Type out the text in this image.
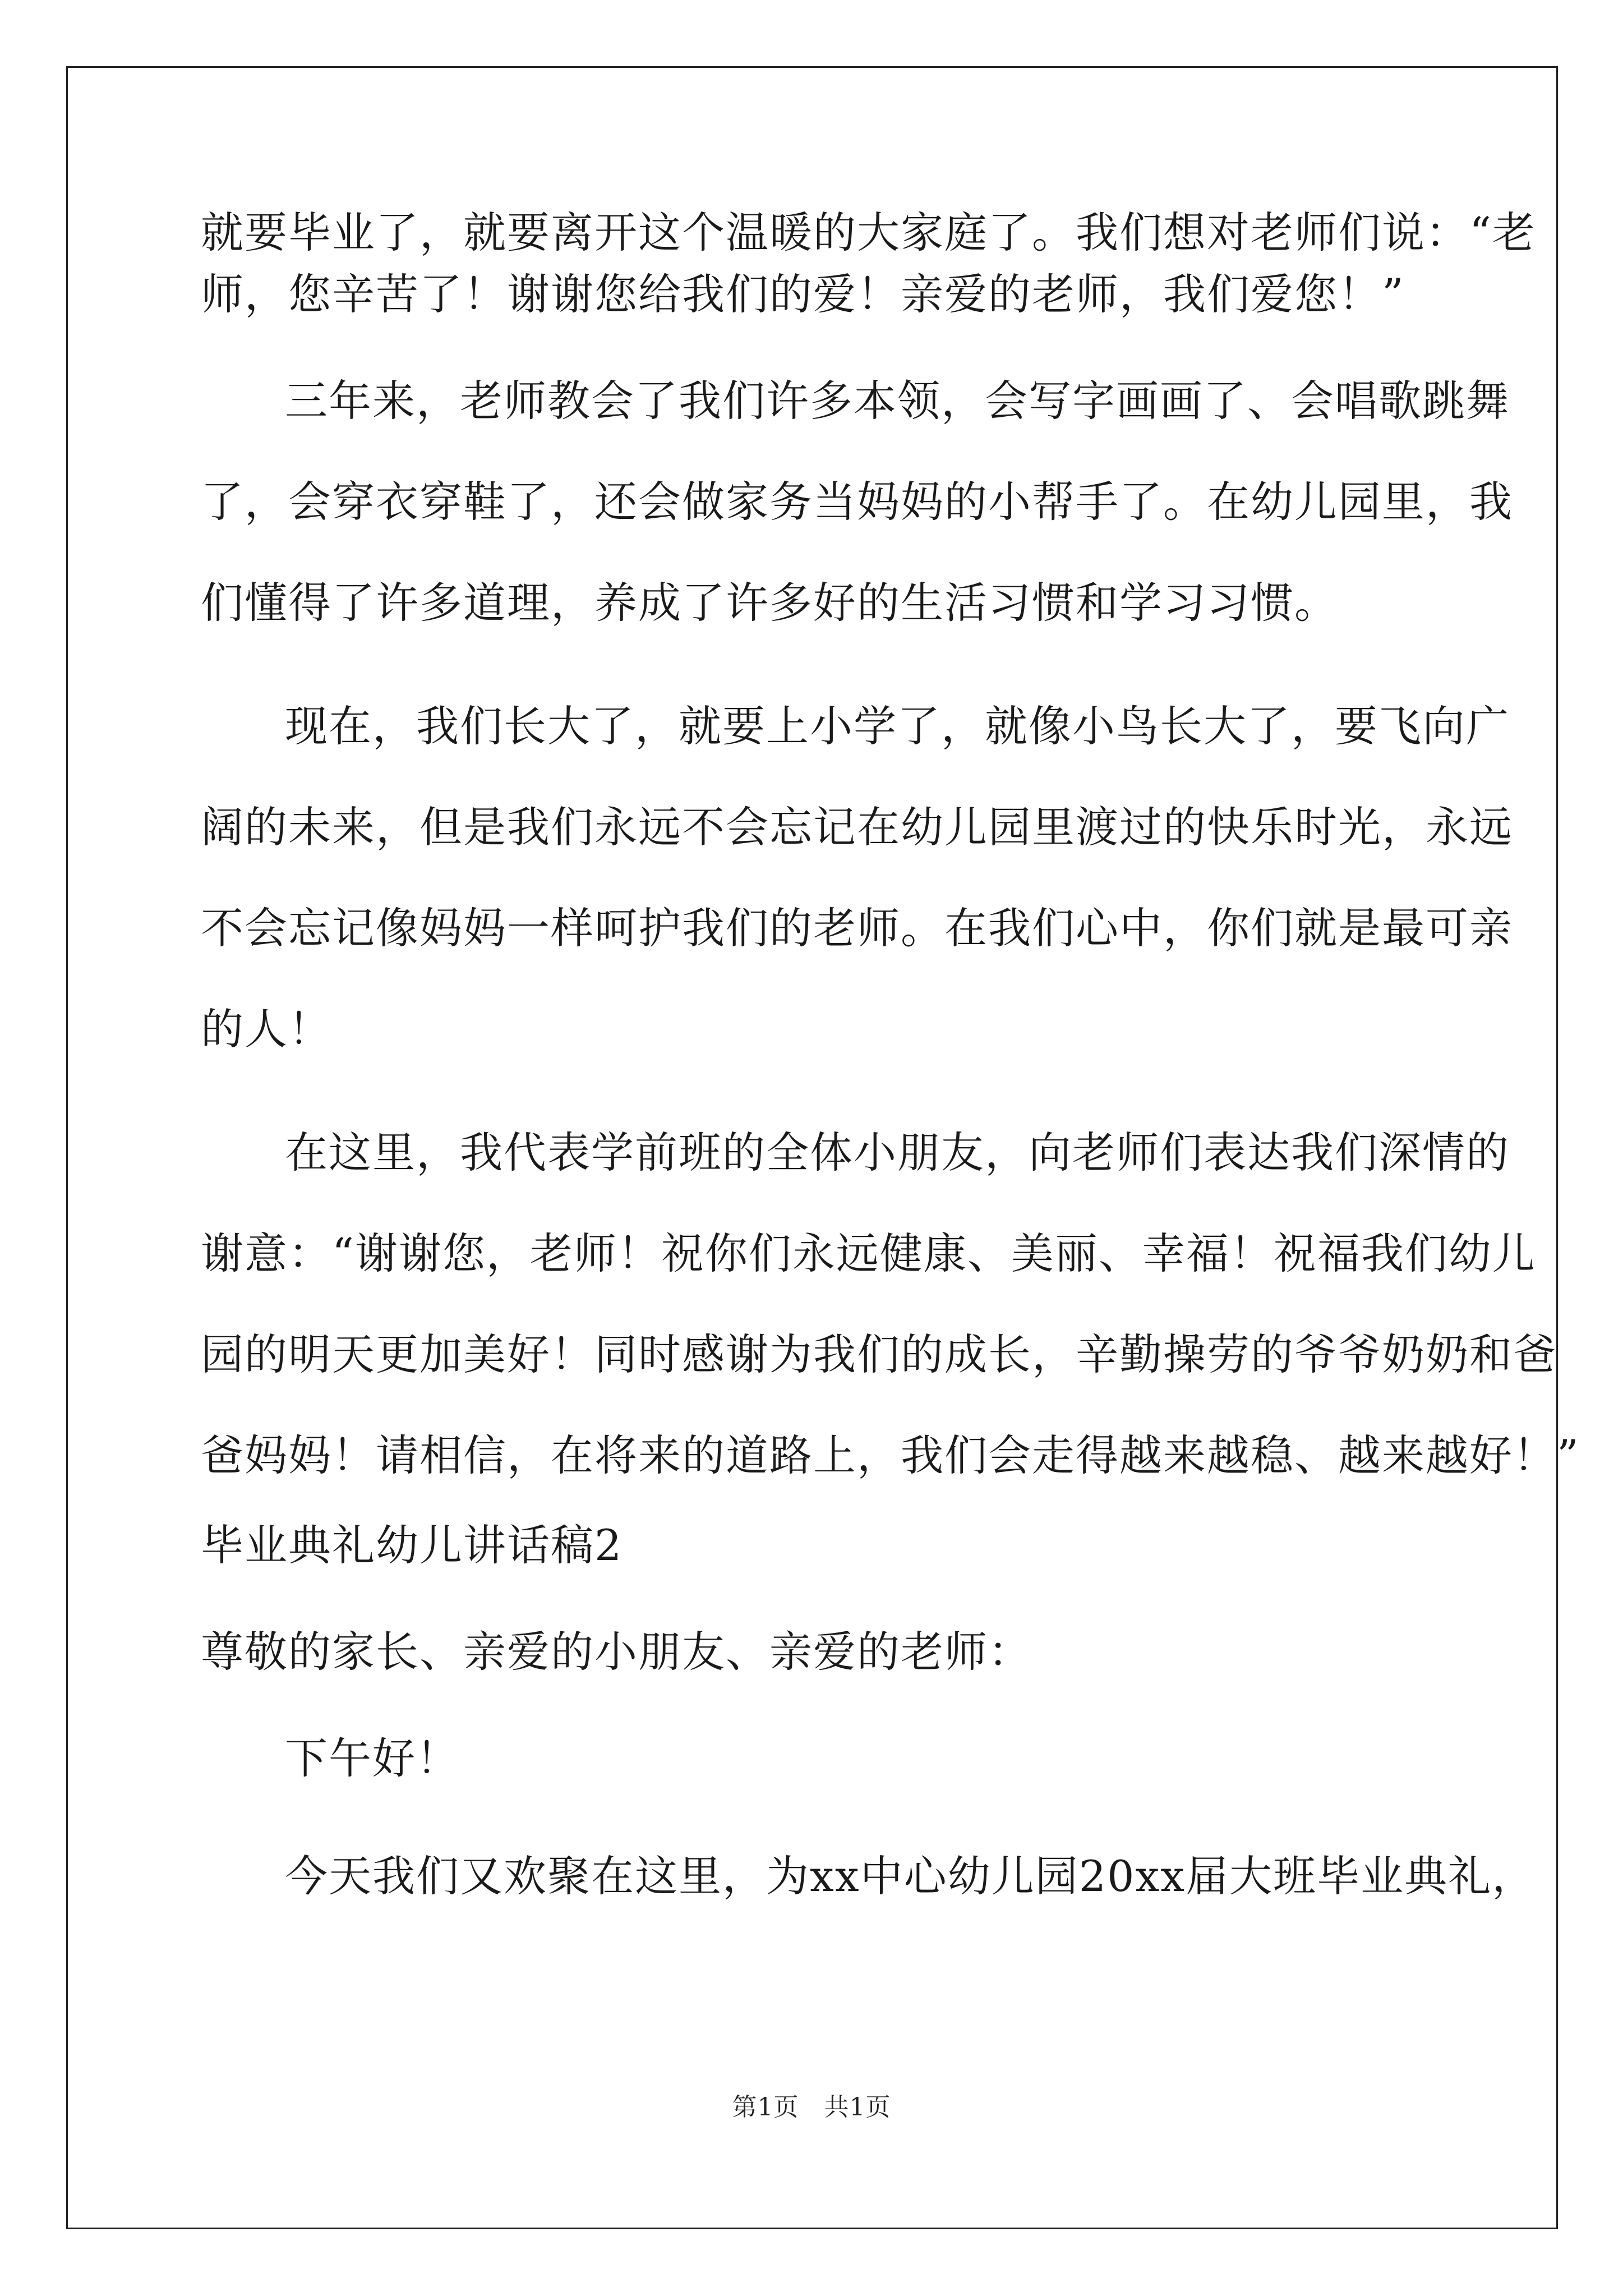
就要毕业了，就要离开这个温暖的大家庭了。我们想对老师们说：“老
师，您辛苦了！谢谢您给我们的爱！亲爱的老师，我们爱您！”
三年来，老师教会了我们许多本领，会写字画画了、会唱歌跳舞
了，会穿衣穿鞋了，还会做家务当妈妈的小帮手了。在幼儿园里，我
们懂得了许多道理，养成了许多好的生活习惯和学习习惯。
现在，我们长大了，就要上小学了，就像小鸟长大了，要飞向广
阔的未来，但是我们永远不会忘记在幼儿园里渡过的快乐时光，永远
不会忘记像妈妈一样呵护我们的老师。在我们心中，你们就是最可亲
的人！
在这里，我代表学前班的全体小朋友，向老师们表达我们深情的
谢意：“谢谢您，老师！祝你们永远健康、美丽、幸福！祝福我们幼儿
园的明天更加美好！同时感谢为我们的成长，辛勤操劳的爷爷奶奶和爸
爸妈妈！请相信，在将来的道路上，我们会走得越来越稳、越来越好！”
毕业典礼幼儿讲话稿2
尊敬的家长、亲爱的小朋友、亲爱的老师：
下午好！
今天我们又欢聚在这里，为xx中心幼儿园20xx届大班毕业典礼，
第1页　共1页
